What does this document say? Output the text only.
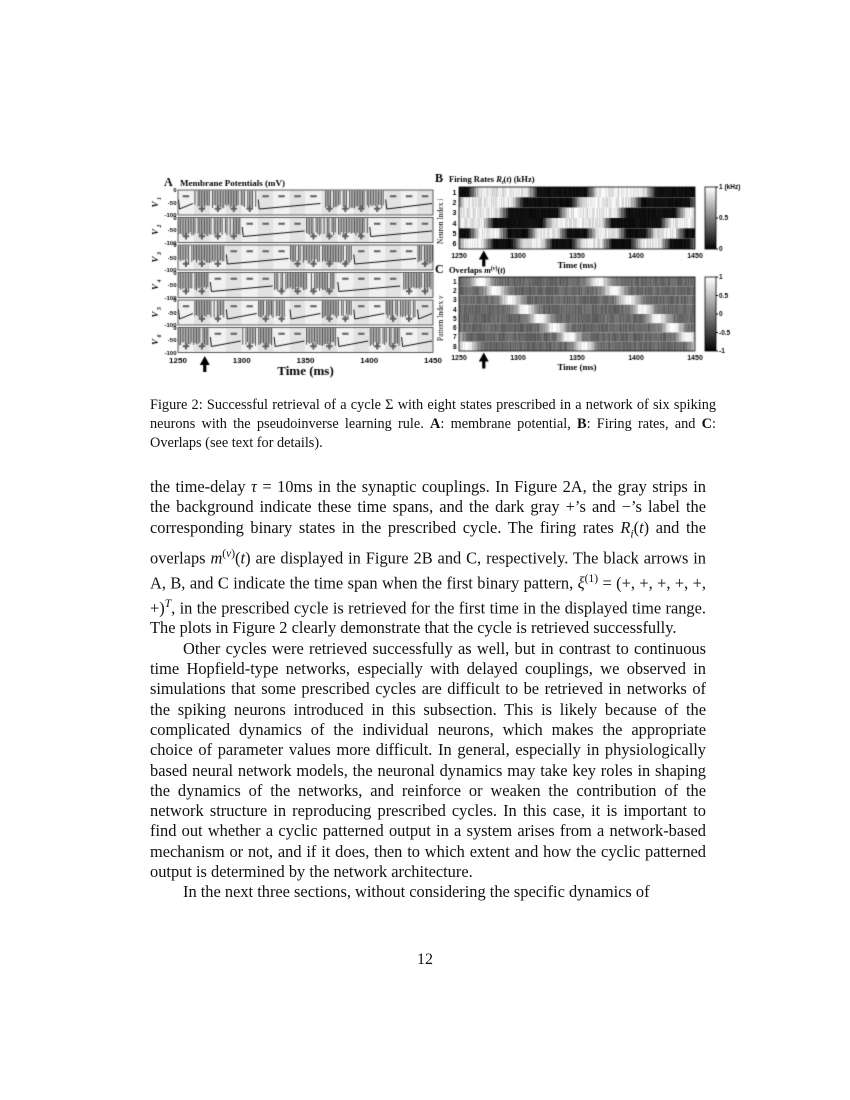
Figure 2: Successful retrieval of a cycle Σ with eight states prescribed in a network of six spiking neurons with the pseudoinverse learning rule. A: membrane potential, B: Firing rates, and C: Overlaps (see text for details).

the time-delay τ = 10ms in the synaptic couplings. In Figure 2A, the gray strips in the background indicate these time spans, and the dark gray +’s and −’s label the corresponding binary states in the prescribed cycle. The firing rates $R_i(t)$ and the overlaps $m^{(\nu)}(t)$ are displayed in Figure 2B and C, respectively. The black arrows in A, B, and C indicate the time span when the first binary pattern, $\xi^{(1)}$ = (+, +, +, +, +, +)$^T$, in the prescribed cycle is retrieved for the first time in the displayed time range. The plots in Figure 2 clearly demonstrate that the cycle is retrieved successfully.

Other cycles were retrieved successfully as well, but in contrast to continuous time Hopfield-type networks, especially with delayed couplings, we observed in simulations that some prescribed cycles are difficult to be retrieved in networks of the spiking neurons introduced in this subsection. This is likely because of the complicated dynamics of the individual neurons, which makes the appropriate choice of parameter values more difficult. In general, especially in physiologically based neural network models, the neuronal dynamics may take key roles in shaping the dynamics of the networks, and reinforce or weaken the contribution of the network structure in reproducing prescribed cycles. In this case, it is important to find out whether a cyclic patterned output in a system arises from a network-based mechanism or not, and if it does, then to which extent and how the cyclic patterned output is determined by the network architecture.

In the next three sections, without considering the specific dynamics of

12
